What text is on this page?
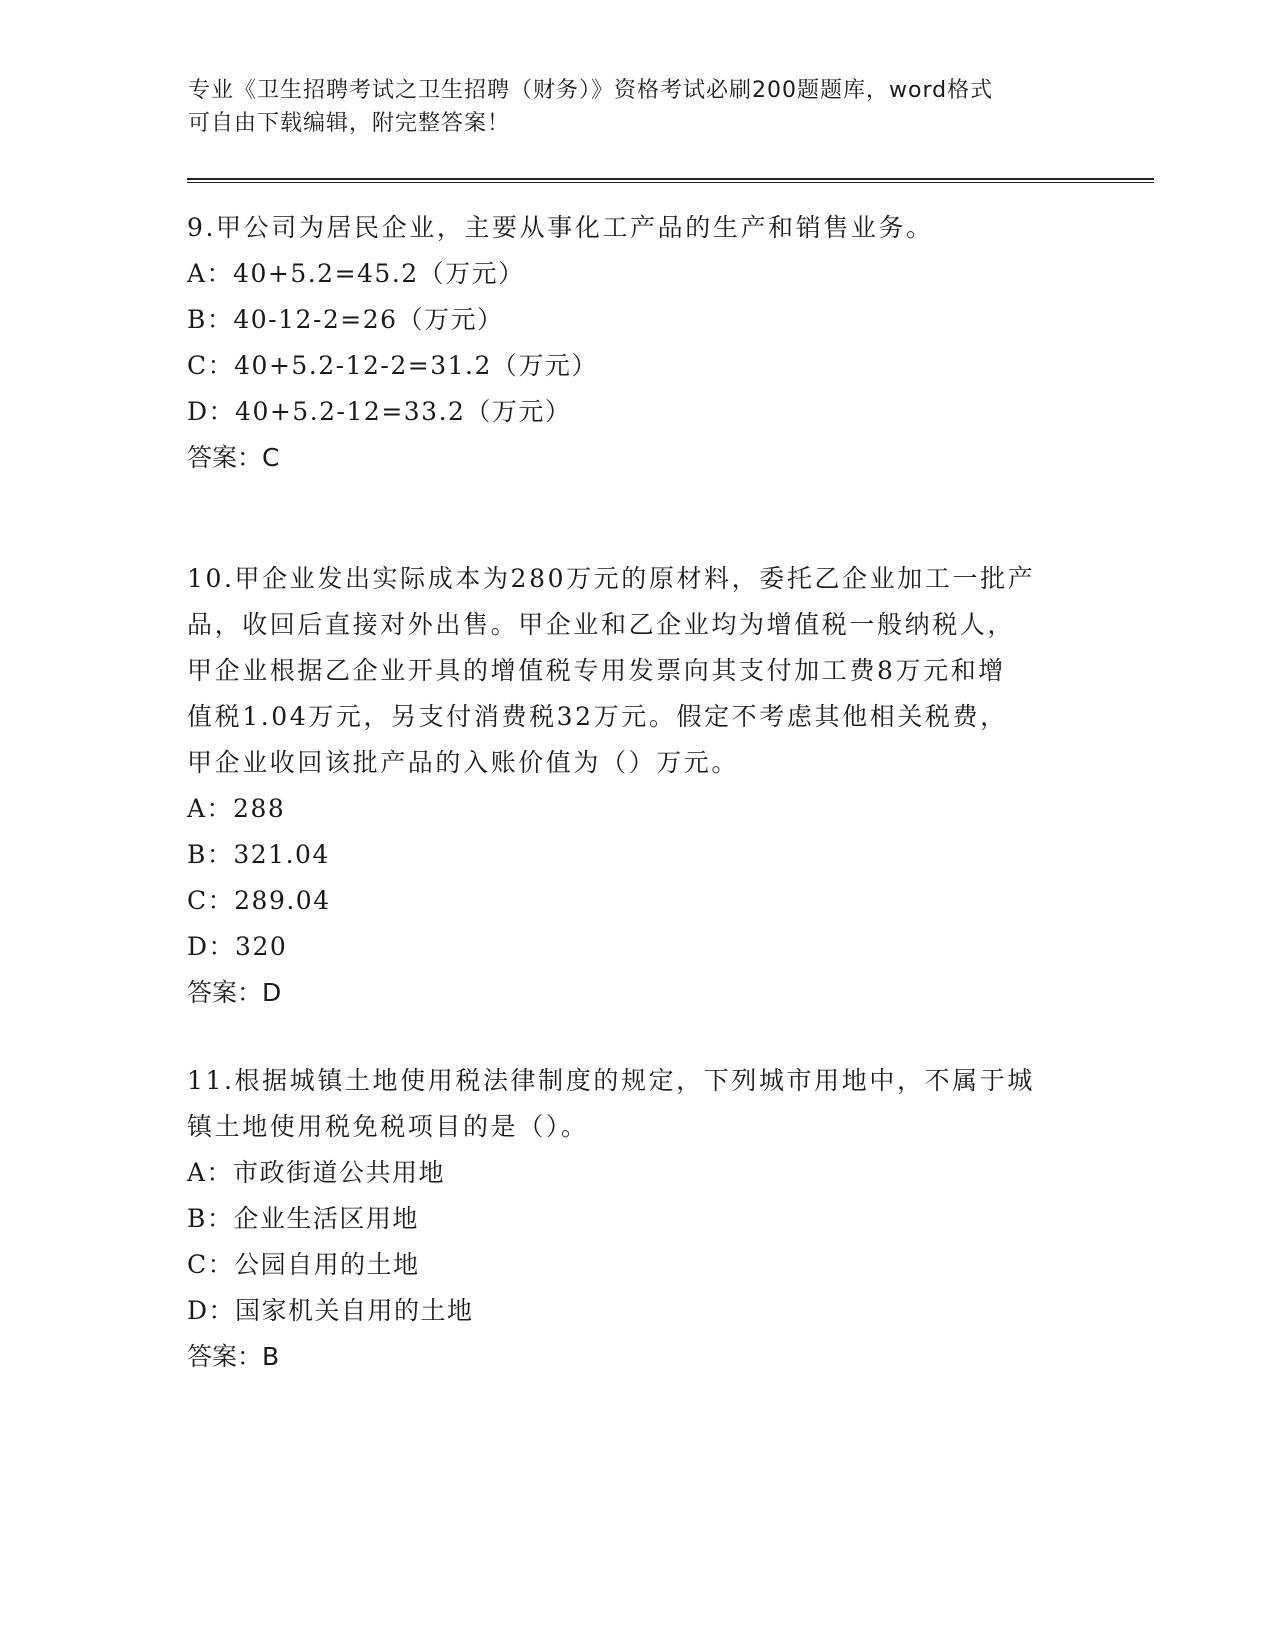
专业《卫生招聘考试之卫生招聘（财务）》资格考试必刷200题题库，word格式
可自由下载编辑，附完整答案！
9.甲公司为居民企业，主要从事化工产品的生产和销售业务。
A：40+5.2=45.2（万元）
B：40-12-2=26（万元）
C：40+5.2-12-2=31.2（万元）
D：40+5.2-12=33.2（万元）
答案：C
10.甲企业发出实际成本为280万元的原材料，委托乙企业加工一批产
品，收回后直接对外出售。甲企业和乙企业均为增值税一般纳税人，
甲企业根据乙企业开具的增值税专用发票向其支付加工费8万元和增
值税1.04万元，另支付消费税32万元。假定不考虑其他相关税费，
甲企业收回该批产品的入账价值为（）万元。
A：288
B：321.04
C：289.04
D：320
答案：D
11.根据城镇土地使用税法律制度的规定，下列城市用地中，不属于城
镇土地使用税免税项目的是（）。
A：市政街道公共用地
B：企业生活区用地
C：公园自用的土地
D：国家机关自用的土地
答案：B
